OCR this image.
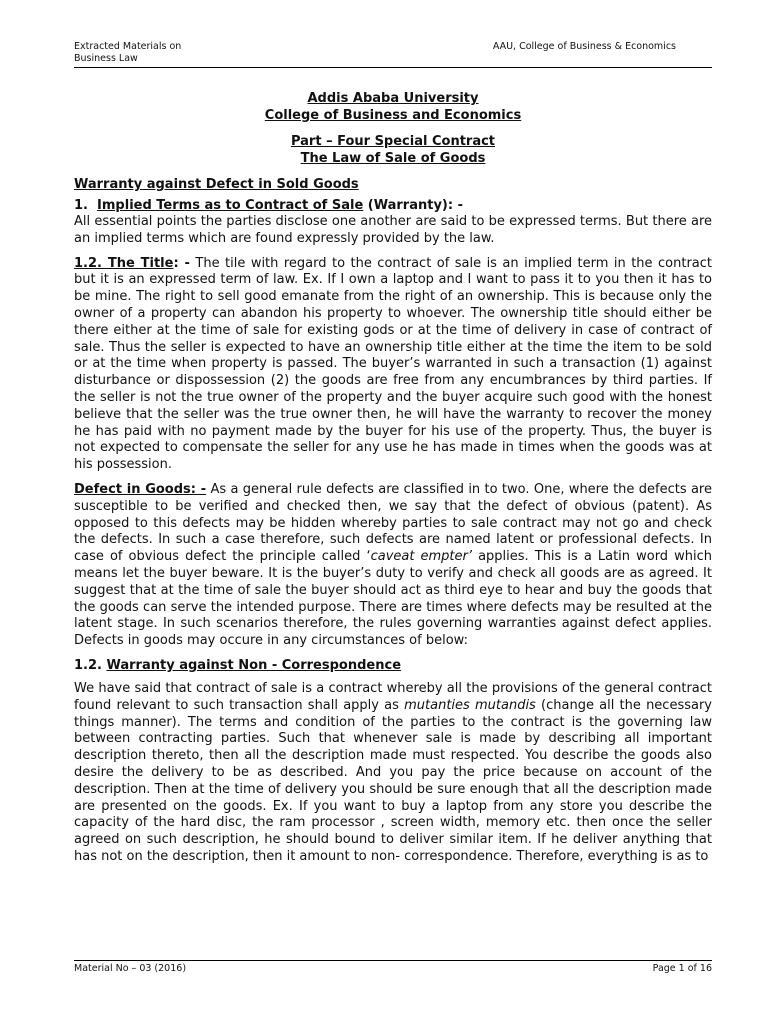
Extracted Materials on
Business Law
AAU, College of Business & Economics
Addis Ababa University
College of Business and Economics
Part – Four Special Contract
The Law of Sale of Goods
Warranty against Defect in Sold Goods
1. Implied Terms as to Contract of Sale (Warranty): -

All essential points the parties disclose one another are said to be expressed terms. But there are an implied terms which are found expressly provided by the law.

1.2. The Title: - The tile with regard to the contract of sale is an implied term in the contract but it is an expressed term of law. Ex. If I own a laptop and I want to pass it to you then it has to be mine. The right to sell good emanate from the right of an ownership. This is because only the owner of a property can abandon his property to whoever. The ownership title should either be there either at the time of sale for existing gods or at the time of delivery in case of contract of sale. Thus the seller is expected to have an ownership title either at the time the item to be sold or at the time when property is passed. The buyer’s warranted in such a transaction (1) against disturbance or dispossession (2) the goods are free from any encumbrances by third parties. If the seller is not the true owner of the property and the buyer acquire such good with the honest believe that the seller was the true owner then, he will have the warranty to recover the money he has paid with no payment made by the buyer for his use of the property. Thus, the buyer is not expected to compensate the seller for any use he has made in times when the goods was at his possession.

Defect in Goods: - As a general rule defects are classified in to two. One, where the defects are susceptible to be verified and checked then, we say that the defect of obvious (patent). As opposed to this defects may be hidden whereby parties to sale contract may not go and check the defects. In such a case therefore, such defects are named latent or professional defects. In case of obvious defect the principle called ‘caveat empter’ applies. This is a Latin word which means let the buyer beware. It is the buyer’s duty to verify and check all goods are as agreed. It suggest that at the time of sale the buyer should act as third eye to hear and buy the goods that the goods can serve the intended purpose. There are times where defects may be resulted at the latent stage. In such scenarios therefore, the rules governing warranties against defect applies. Defects in goods may occure in any circumstances of below:

1.2. Warranty against Non - Correspondence

We have said that contract of sale is a contract whereby all the provisions of the general contract found relevant to such transaction shall apply as mutanties mutandis (change all the necessary things manner). The terms and condition of the parties to the contract is the governing law between contracting parties. Such that whenever sale is made by describing all important description thereto, then all the description made must respected. You describe the goods also desire the delivery to be as described. And you pay the price because on account of the description. Then at the time of delivery you should be sure enough that all the description made are presented on the goods. Ex. If you want to buy a laptop from any store you describe the capacity of the hard disc, the ram processor , screen width, memory etc. then once the seller agreed on such description, he should bound to deliver similar item. If he deliver anything that has not on the description, then it amount to non- correspondence. Therefore, everything is as to

Material No – 03 (2016)	Page 1 of 16
